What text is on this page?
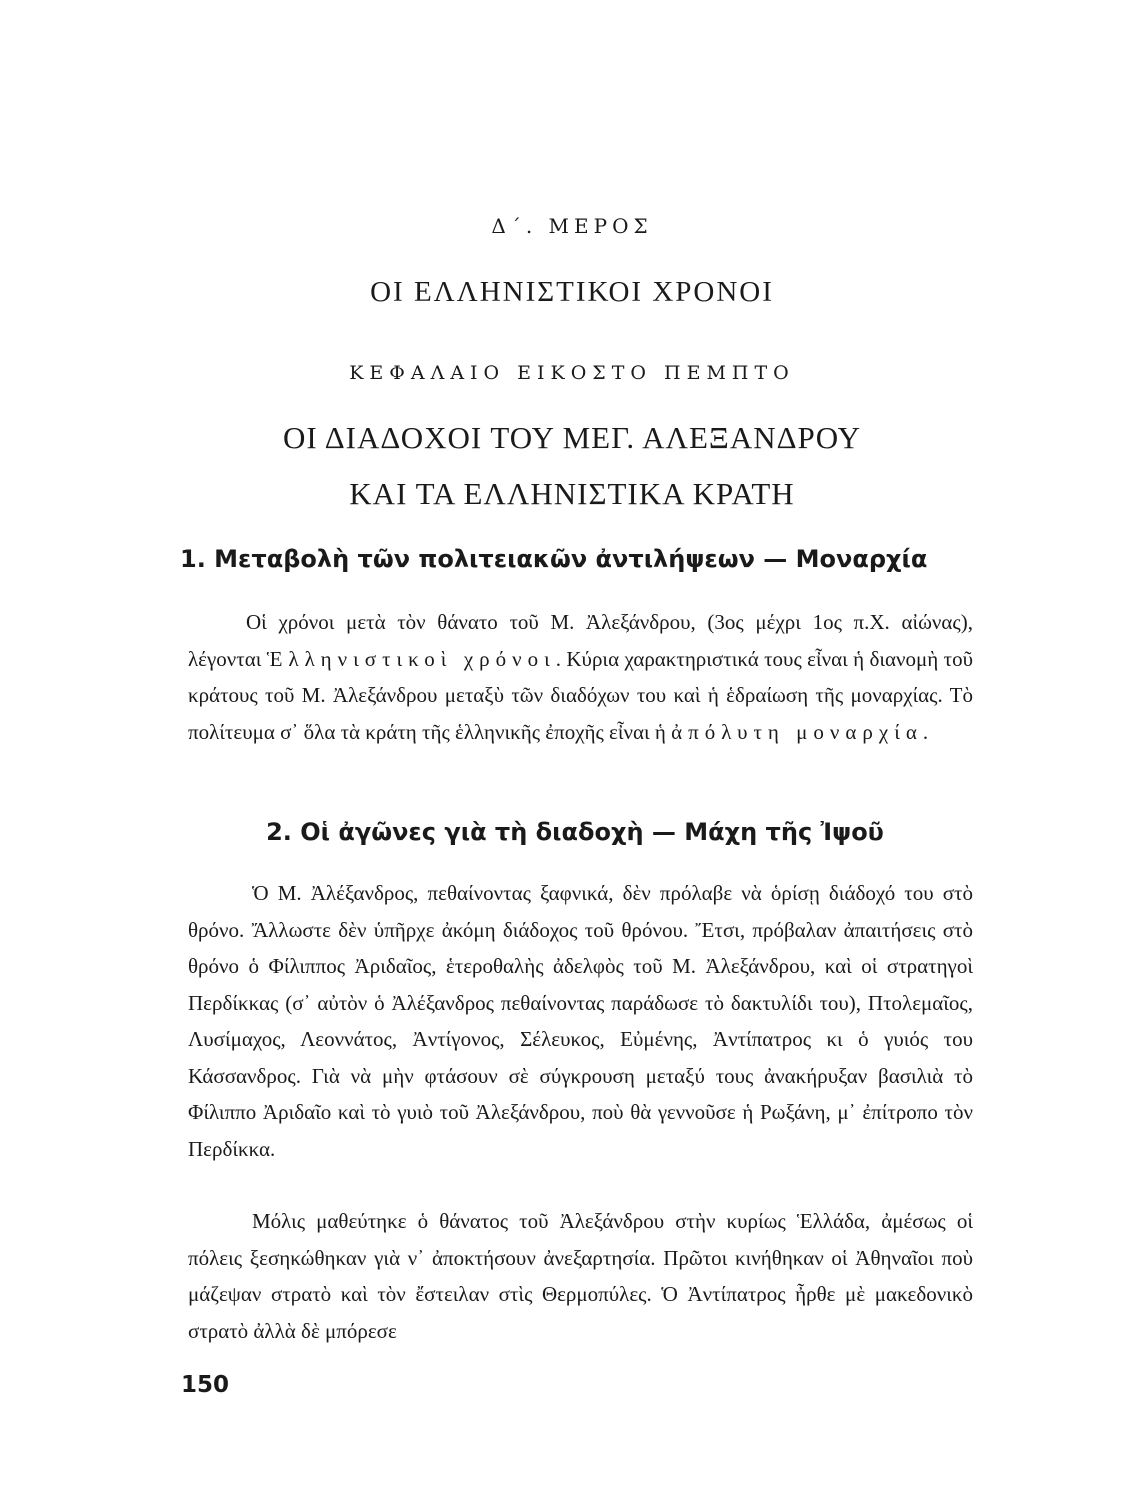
Δ΄. ΜΕΡΟΣ
ΟΙ ΕΛΛΗΝΙΣΤΙΚΟΙ ΧΡΟΝΟΙ
ΚΕΦΑΛΑΙΟ ΕΙΚΟΣΤΟ ΠΕΜΠΤΟ
ΟΙ ΔΙΑΔΟΧΟΙ ΤΟΥ ΜΕΓ. ΑΛΕΞΑΝΔΡΟΥ
ΚΑΙ ΤΑ ΕΛΛΗΝΙΣΤΙΚΑ ΚΡΑΤΗ
1. Μεταβολὴ τῶν πολιτειακῶν ἀντιλήψεων — Μοναρχία
Οἱ χρόνοι μετὰ τὸν θάνατο τοῦ Μ. Ἀλεξάνδρου, (3ος μέχρι 1ος π.Χ. αἰώνας), λέγονται Ἑλληνιστικοὶ χρόνοι. Κύρια χαρακτηριστικά τους εἶναι ἡ διανομὴ τοῦ κράτους τοῦ Μ. Ἀλεξάνδρου μεταξὺ τῶν διαδόχων του καὶ ἡ ἑδραίωση τῆς μοναρχίας. Τὸ πολίτευμα σ᾽ ὅλα τὰ κράτη τῆς ἑλληνικῆς ἐποχῆς εἶναι ἡ ἀπόλυτη μοναρχία.
2. Οἱ ἀγῶνες γιὰ τὴ διαδοχὴ — Μάχη τῆς Ἰψοῦ
Ὁ Μ. Ἀλέξανδρος, πεθαίνοντας ξαφνικά, δὲν πρόλαβε νὰ ὁρίσῃ διάδοχό του στὸ θρόνο. Ἄλλωστε δὲν ὑπῆρχε ἀκόμη διάδοχος τοῦ θρόνου. Ἔτσι, πρόβαλαν ἀπαιτήσεις στὸ θρόνο ὁ Φίλιππος Ἀριδαῖος, ἑτεροθαλὴς ἀδελφὸς τοῦ Μ. Ἀλεξάνδρου, καὶ οἱ στρατηγοὶ Περδίκκας (σ᾽ αὐτὸν ὁ Ἀλέξανδρος πεθαίνοντας παράδωσε τὸ δακτυλίδι του), Πτολεμαῖος, Λυσίμαχος, Λεοννάτος, Ἀντίγονος, Σέλευκος, Εὐμένης, Ἀντίπατρος κι ὁ γυιός του Κάσσανδρος. Γιὰ νὰ μὴν φτάσουν σὲ σύγκρουση μεταξύ τους ἀνακήρυξαν βασιλιὰ τὸ Φίλιππο Ἀριδαῖο καὶ τὸ γυιὸ τοῦ Ἀλεξάνδρου, ποὺ θὰ γεννοῦσε ἡ Ρωξάνη, μ᾽ ἐπίτροπο τὸν Περδίκκα.
Μόλις μαθεύτηκε ὁ θάνατος τοῦ Ἀλεξάνδρου στὴν κυρίως Ἑλλάδα, ἀμέσως οἱ πόλεις ξεσηκώθηκαν γιὰ ν᾽ ἀποκτήσουν ἀνεξαρτησία. Πρῶτοι κινήθηκαν οἱ Ἀθηναῖοι ποὺ μάζεψαν στρατὸ καὶ τὸν ἔστειλαν στὶς Θερμοπύλες. Ὁ Ἀντίπατρος ἦρθε μὲ μακεδονικὸ στρατὸ ἀλλὰ δὲ μπόρεσε
150
